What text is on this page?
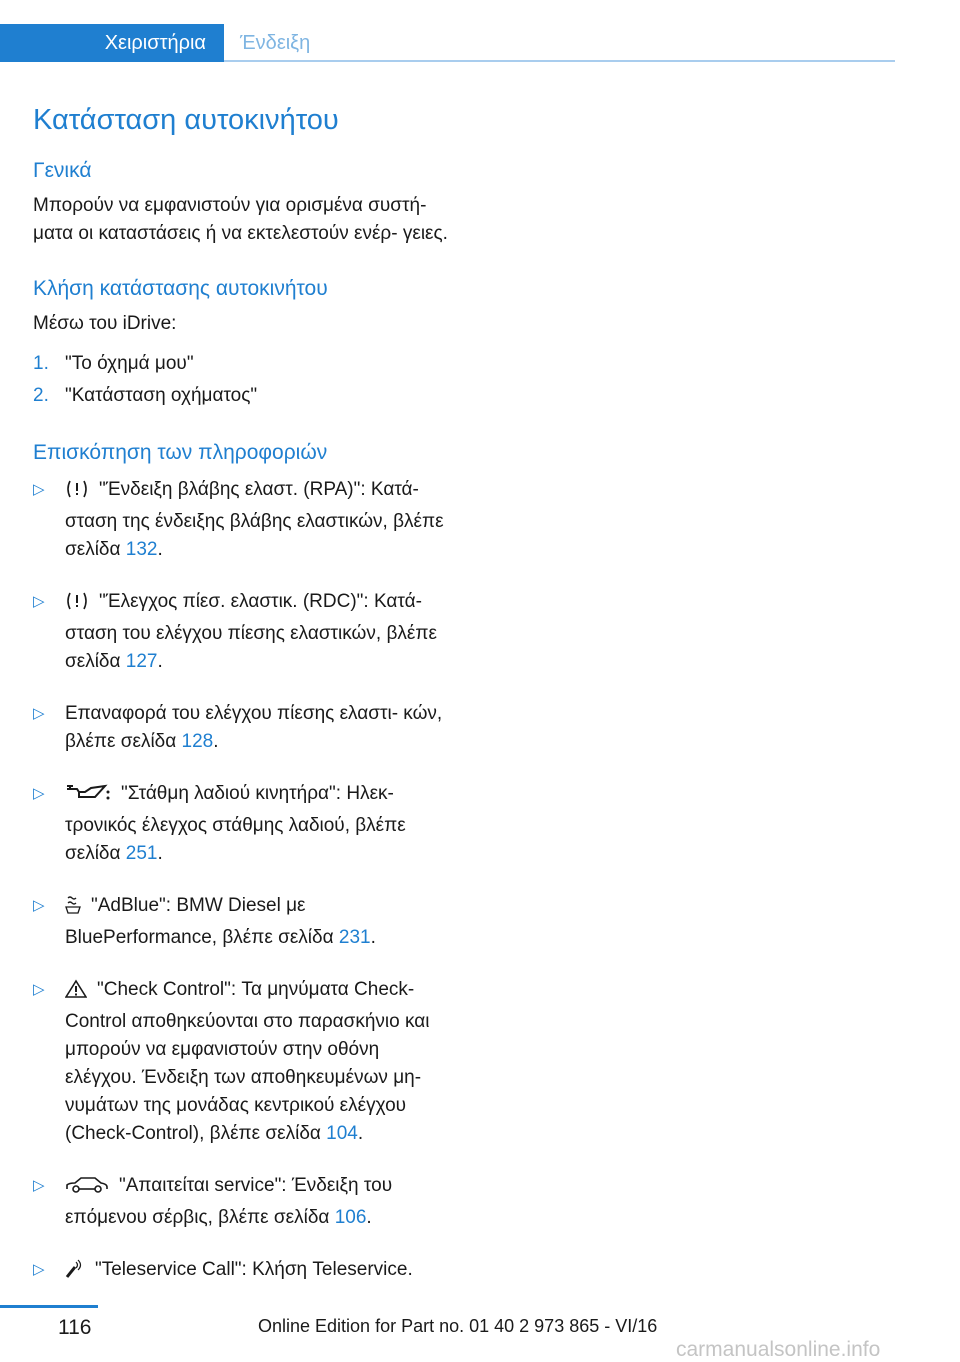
Χειριστήρια Ένδειξη
Κατάσταση αυτοκινήτου
Γενικά

Μπορούν να εμφανιστούν για ορισμένα συστή- ματα οι καταστάσεις ή να εκτελεστούν ενέρ- γειες.

Κλήση κατάστασης αυτοκινήτου

Μέσω του iDrive:

1. "Το όχημά μου"
2. "Κατάσταση οχήματος"
Επισκόπηση των πληροφοριών
▷	"Ένδειξη βλάβης ελαστ. (RPA)": Κατά- σταση της ένδειξης βλάβης ελαστικών, βλέπε σελίδα 132.
▷	"Έλεγχος πίεσ. ελαστικ. (RDC)": Κατά- σταση του ελέγχου πίεσης ελαστικών, βλέπε σελίδα 127.
▷ Επαναφορά του ελέγχου πίεσης ελαστι- κών, βλέπε σελίδα 128.
▷	"Στάθμη λαδιού κινητήρα": Ηλεκ- τρονικός έλεγχος στάθμης λαδιού, βλέπε σελίδα 251.
▷ "AdBlue": BMW Diesel με BluePerformance, βλέπε σελίδα 231.
▷	"Check Control": Τα μηνύματα Check- Control αποθηκεύονται στο παρασκήνιο και μπορούν να εμφανιστούν στην οθόνη ελέγχου. Ένδειξη των αποθηκευμένων μη- νυμάτων της μονάδας κεντρικού ελέγχου (Check-Control), βλέπε σελίδα 104.
▷	"Απαιτείται service": Ένδειξη του επόμενου σέρβις, βλέπε σελίδα 106.
▷	"Teleservice Call": Κλήση Teleservice.
116	Online Edition for Part no. 01 40 2 973 865 - VI/16
carmanualsonline.info
